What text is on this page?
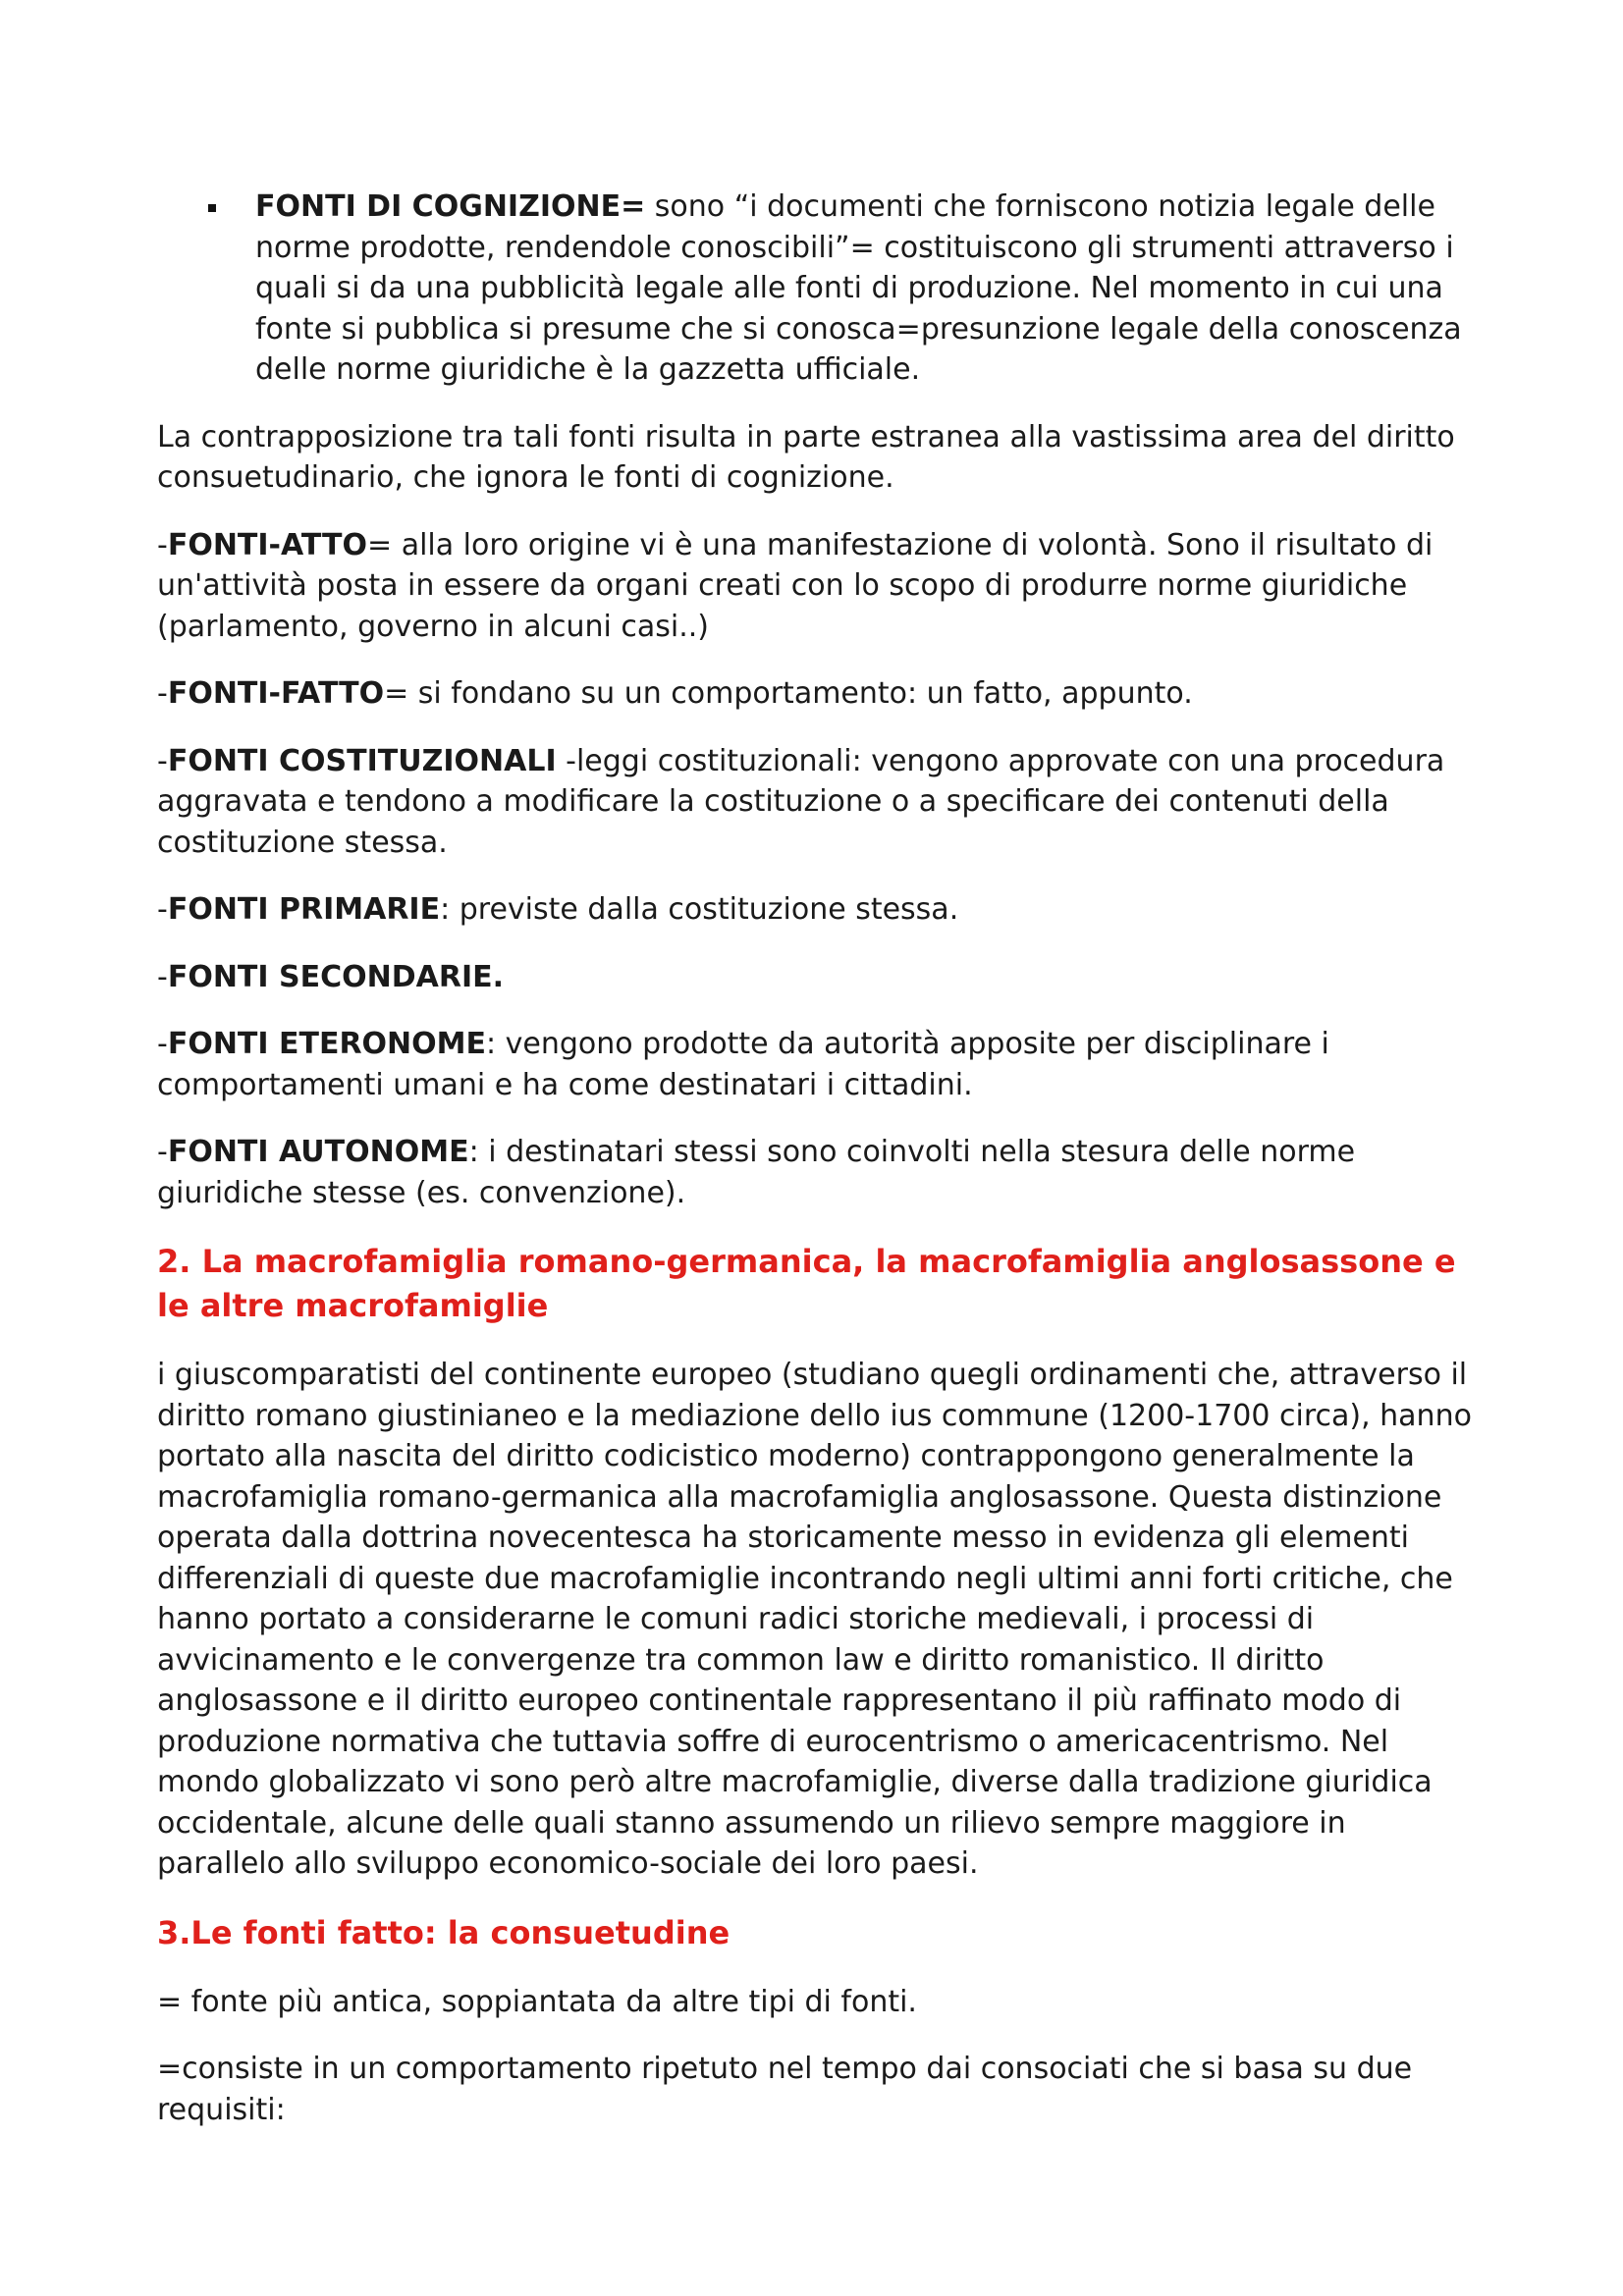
FONTI DI COGNIZIONE= sono “i documenti che forniscono notizia legale delle norme prodotte, rendendole conoscibili”= costituiscono gli strumenti attraverso i quali si da una pubblicità legale alle fonti di produzione. Nel momento in cui una fonte si pubblica si presume che si conosca=presunzione legale della conoscenza delle norme giuridiche è la gazzetta ufficiale.

La contrapposizione tra tali fonti risulta in parte estranea alla vastissima area del diritto consuetudinario, che ignora le fonti di cognizione.

-FONTI-ATTO= alla loro origine vi è una manifestazione di volontà. Sono il risultato di un'attività posta in essere da organi creati con lo scopo di produrre norme giuridiche (parlamento, governo in alcuni casi..)

-FONTI-FATTO= si fondano su un comportamento: un fatto, appunto.

-FONTI COSTITUZIONALI -leggi costituzionali: vengono approvate con una procedura aggravata e tendono a modificare la costituzione o a specificare dei contenuti della costituzione stessa.

-FONTI PRIMARIE: previste dalla costituzione stessa.

-FONTI SECONDARIE.

-FONTI ETERONOME: vengono prodotte da autorità apposite per disciplinare i comportamenti umani e ha come destinatari i cittadini.

-FONTI AUTONOME: i destinatari stessi sono coinvolti nella stesura delle norme giuridiche stesse (es. convenzione).

2. La macrofamiglia romano-germanica, la macrofamiglia anglosassone e le altre macrofamiglie

i giuscomparatisti del continente europeo (studiano quegli ordinamenti che, attraverso il diritto romano giustinianeo e la mediazione dello ius commune (1200-1700 circa), hanno portato alla nascita del diritto codicistico moderno) contrappongono generalmente la macrofamiglia romano-germanica alla macrofamiglia anglosassone. Questa distinzione operata dalla dottrina novecentesca ha storicamente messo in evidenza gli elementi differenziali di queste due macrofamiglie incontrando negli ultimi anni forti critiche, che hanno portato a considerarne le comuni radici storiche medievali, i processi di avvicinamento e le convergenze tra common law e diritto romanistico. Il diritto anglosassone e il diritto europeo continentale rappresentano il più raffinato modo di produzione normativa che tuttavia soffre di eurocentrismo o americacentrismo. Nel mondo globalizzato vi sono però altre macrofamiglie, diverse dalla tradizione giuridica occidentale, alcune delle quali stanno assumendo un rilievo sempre maggiore in parallelo allo sviluppo economico-sociale dei loro paesi.

3.Le fonti fatto: la consuetudine

= fonte più antica, soppiantata da altre tipi di fonti.

=consiste in un comportamento ripetuto nel tempo dai consociati che si basa su due requisiti:
